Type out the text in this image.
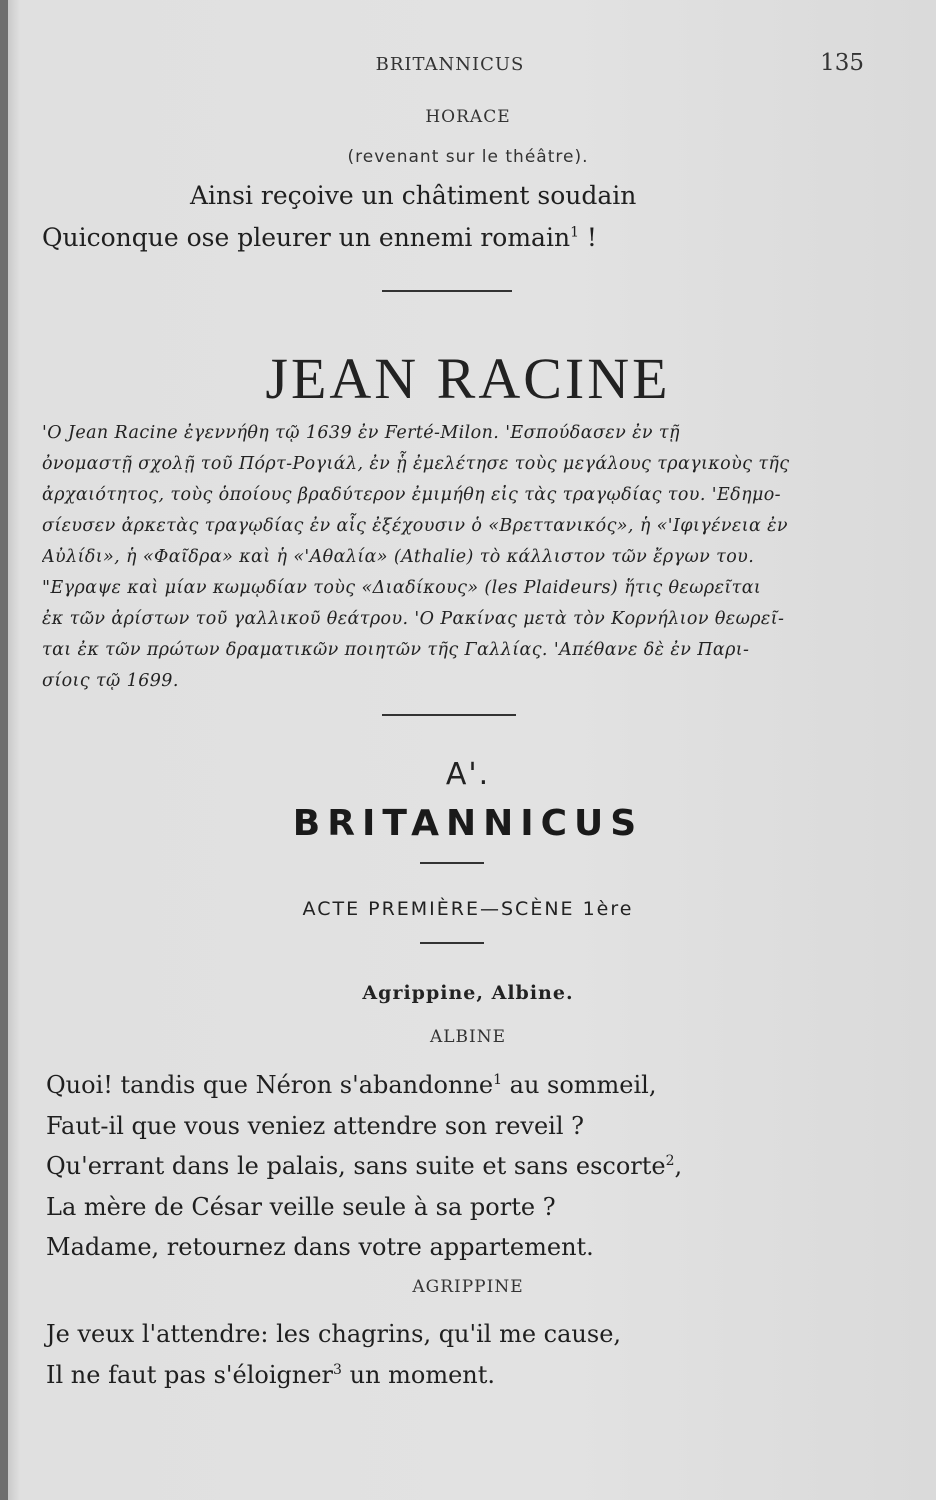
BRITANNICUS	135
HORACE
(revenant sur le théâtre).
Ainsi reçoive un châtiment soudain
Quiconque ose pleurer un ennemi romain$^1$ !
JEAN RACINE
'Ο Jean Racine ἐγεννήθη τῷ 1639 ἐν Ferté-Milon. 'Εσπούδασεν ἐν τῇ
ὀνομαστῇ σχολῇ τοῦ Πόρτ-Ρογιάλ, ἐν ᾗ ἐμελέτησε τοὺς μεγάλους τραγικοὺς τῆς
ἀρχαιότητος, τοὺς ὁποίους βραδύτερον ἐμιμήθη εἰς τὰς τραγῳδίας του. 'Εδημο-
σίευσεν ἀρκετὰς τραγῳδίας ἐν αἷς ἐξέχουσιν ὁ «Βρεττανικός», ἡ «'Ιφιγένεια ἐν
Αὐλίδι», ἡ «Φαῖδρα» καὶ ἡ «'Αθαλία» (Athalie) τὸ κάλλιστον τῶν ἔργων του.
"Εγραψε καὶ μίαν κωμῳδίαν τοὺς «Διαδίκους» (les Plaideurs) ἥτις θεωρεῖται
ἐκ τῶν ἀρίστων τοῦ γαλλικοῦ θεάτρου. 'Ο Ρακίνας μετὰ τὸν Κορνήλιον θεωρεῖ-
ται ἐκ τῶν πρώτων δραματικῶν ποιητῶν τῆς Γαλλίας. 'Απέθανε δὲ ἐν Παρι-
σίοις τῷ 1699.
A'.
BRITANNICUS
ACTE PREMIÈRE—SCÈNE 1ère
Agrippine, Albine.
ALBINE
Quoi! tandis que Néron s'abandonne$^1$ au sommeil,
Faut-il que vous veniez attendre son reveil ?
Qu'errant dans le palais, sans suite et sans escorte$^2$,
La mère de César veille seule à sa porte ?
Madame, retournez dans votre appartement.
AGRIPPINE
Je veux l'attendre: les chagrins, qu'il me cause,
Il ne faut pas s'éloigner$^3$ un moment.
